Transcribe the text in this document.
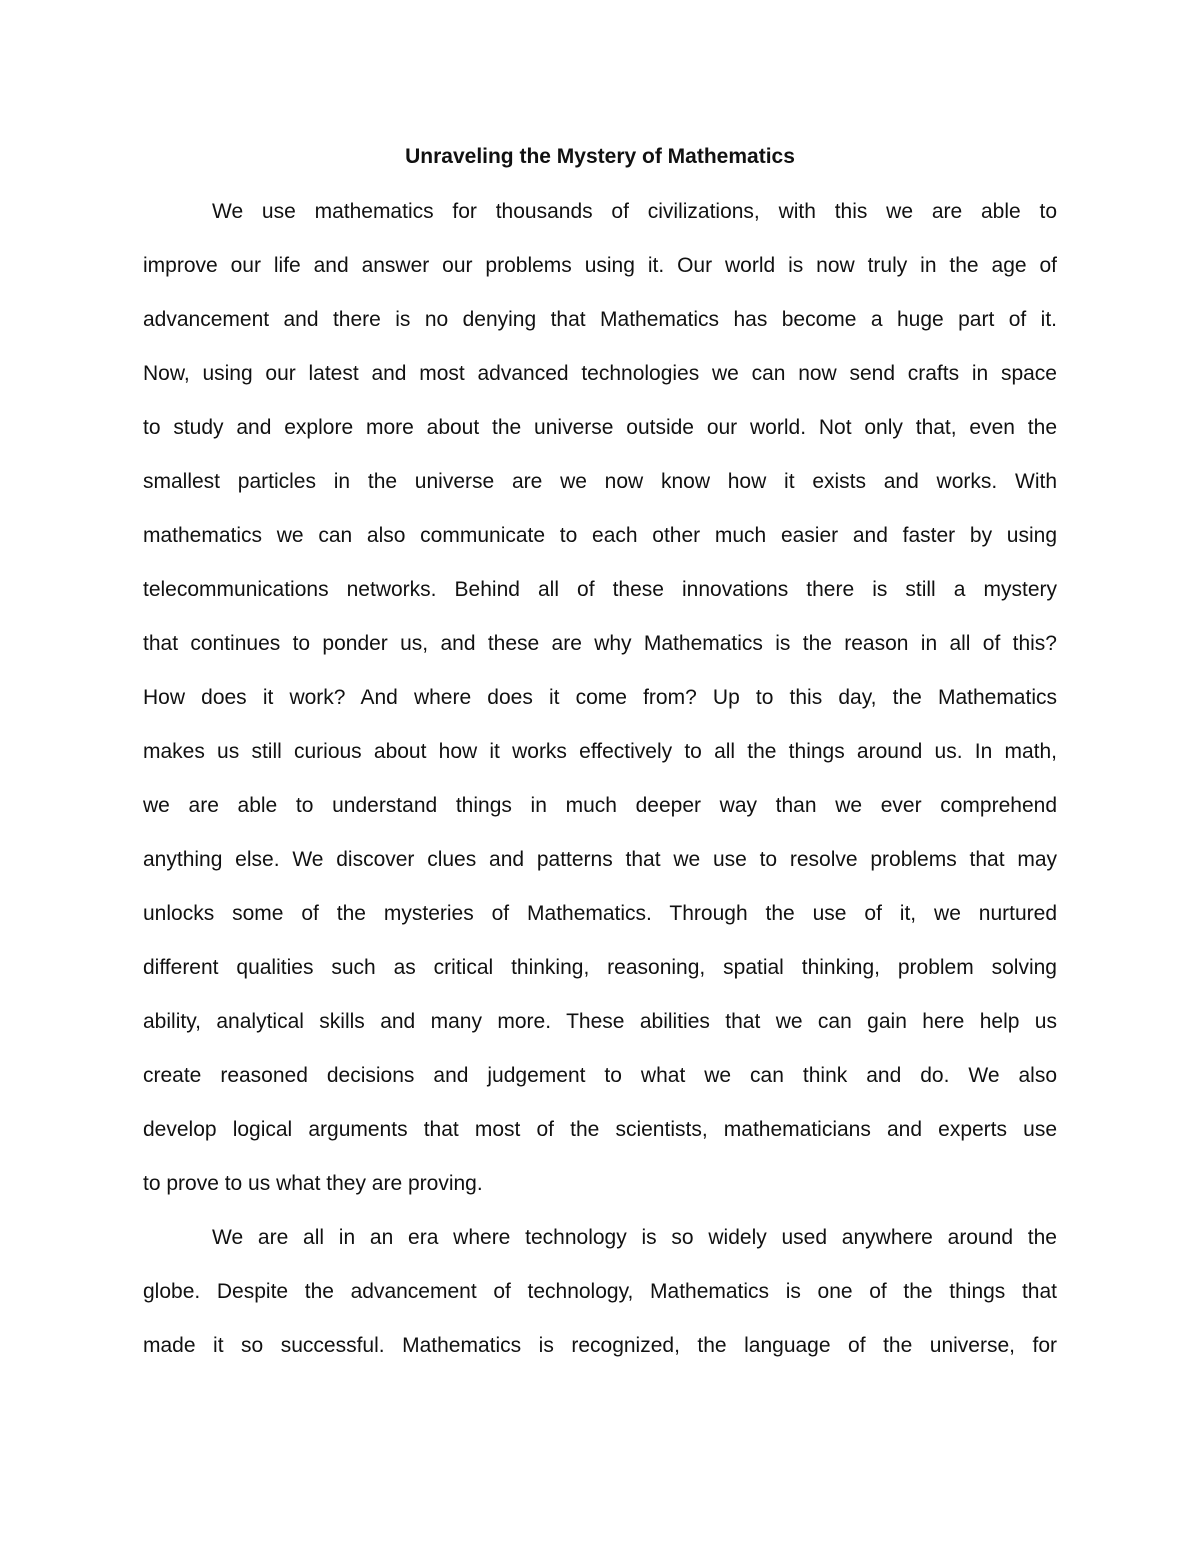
Unraveling the Mystery of Mathematics
We use mathematics for thousands of civilizations, with this we are able to
improve our life and answer our problems using it. Our world is now truly in the age of
advancement and there is no denying that Mathematics has become a huge part of it.
Now, using our latest and most advanced technologies we can now send crafts in space
to study and explore more about the universe outside our world. Not only that, even the
smallest particles in the universe are we now know how it exists and works. With
mathematics we can also communicate to each other much easier and faster by using
telecommunications networks. Behind all of these innovations there is still a mystery
that continues to ponder us, and these are why Mathematics is the reason in all of this?
How does it work? And where does it come from? Up to this day, the Mathematics
makes us still curious about how it works effectively to all the things around us. In math,
we are able to understand things in much deeper way than we ever comprehend
anything else. We discover clues and patterns that we use to resolve problems that may
unlocks some of the mysteries of Mathematics. Through the use of it, we nurtured
different qualities such as critical thinking, reasoning, spatial thinking, problem solving
ability, analytical skills and many more. These abilities that we can gain here help us
create reasoned decisions and judgement to what we can think and do. We also
develop logical arguments that most of the scientists, mathematicians and experts use
to prove to us what they are proving.
We are all in an era where technology is so widely used anywhere around the
globe. Despite the advancement of technology, Mathematics is one of the things that
made it so successful. Mathematics is recognized, the language of the universe, for
